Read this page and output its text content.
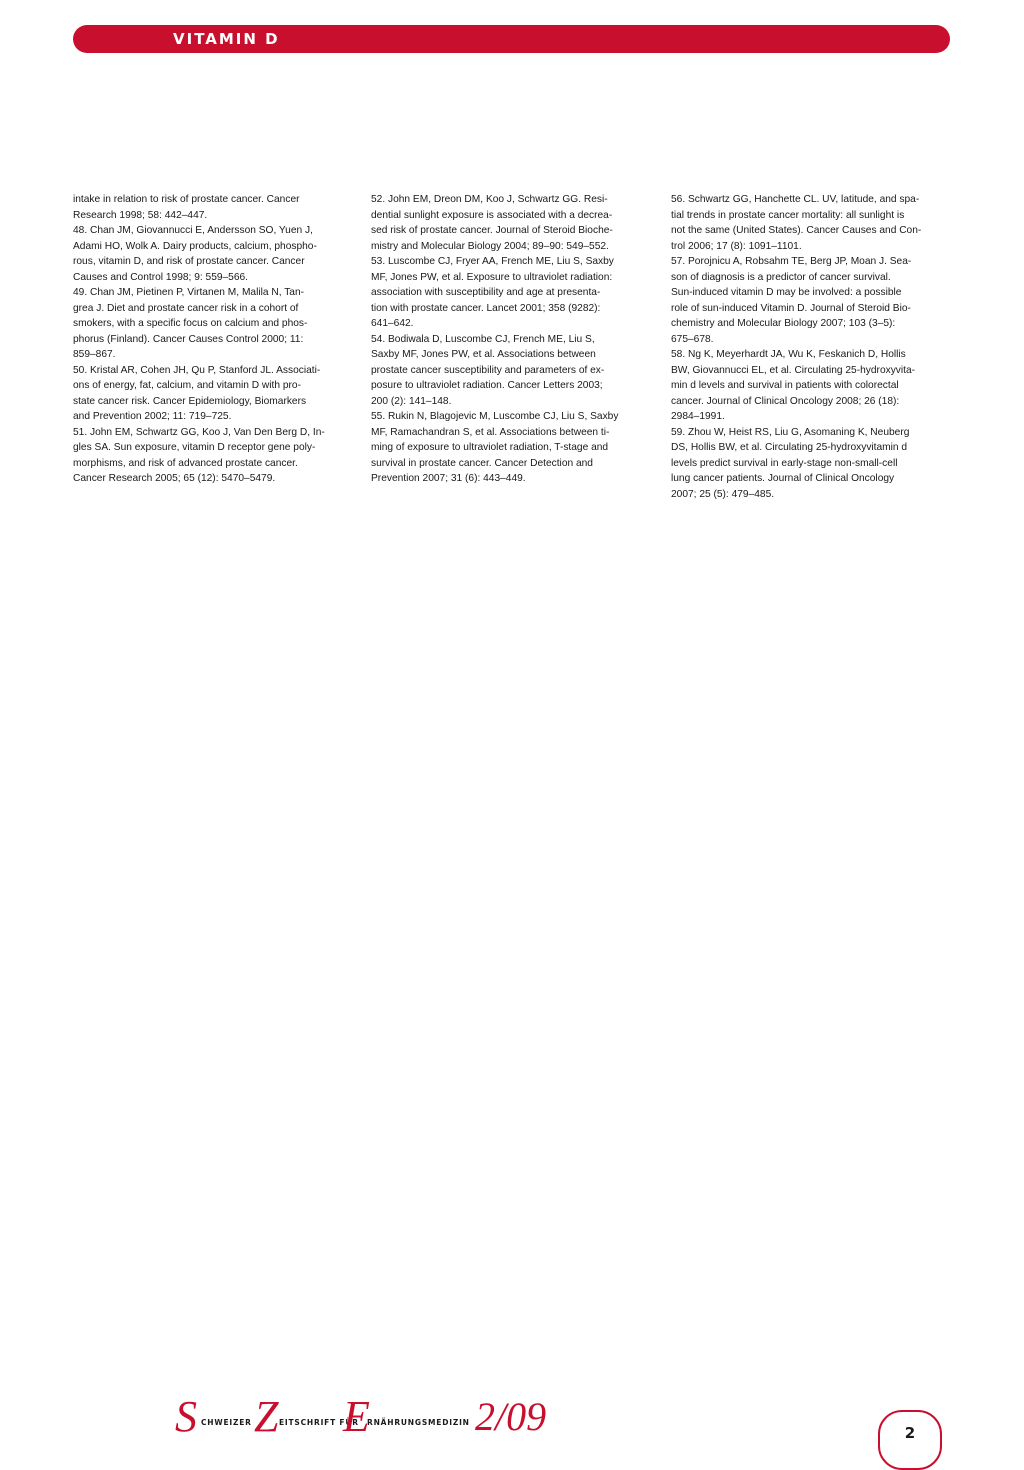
VITAMIN D
intake in relation to risk of prostate cancer. Cancer
Research 1998; 58: 442–447.
48. Chan JM, Giovannucci E, Andersson SO, Yuen J,
Adami HO, Wolk A. Dairy products, calcium, phospho-
rous, vitamin D, and risk of prostate cancer. Cancer
Causes and Control 1998; 9: 559–566.
49. Chan JM, Pietinen P, Virtanen M, Malila N, Tan-
grea J. Diet and prostate cancer risk in a cohort of
smokers, with a specific focus on calcium and phos-
phorus (Finland). Cancer Causes Control 2000; 11:
859–867.
50. Kristal AR, Cohen JH, Qu P, Stanford JL. Associati-
ons of energy, fat, calcium, and vitamin D with pro-
state cancer risk. Cancer Epidemiology, Biomarkers
and Prevention 2002; 11: 719–725.
51. John EM, Schwartz GG, Koo J, Van Den Berg D, In-
gles SA. Sun exposure, vitamin D receptor gene poly-
morphisms, and risk of advanced prostate cancer.
Cancer Research 2005; 65 (12): 5470–5479.
52. John EM, Dreon DM, Koo J, Schwartz GG. Resi-
dential sunlight exposure is associated with a decrea-
sed risk of prostate cancer. Journal of Steroid Bioche-
mistry and Molecular Biology 2004; 89–90: 549–552.
53. Luscombe CJ, Fryer AA, French ME, Liu S, Saxby
MF, Jones PW, et al. Exposure to ultraviolet radiation:
association with susceptibility and age at presenta-
tion with prostate cancer. Lancet 2001; 358 (9282):
641–642.
54. Bodiwala D, Luscombe CJ, French ME, Liu S,
Saxby MF, Jones PW, et al. Associations between
prostate cancer susceptibility and parameters of ex-
posure to ultraviolet radiation. Cancer Letters 2003;
200 (2): 141–148.
55. Rukin N, Blagojevic M, Luscombe CJ, Liu S, Saxby
MF, Ramachandran S, et al. Associations between ti-
ming of exposure to ultraviolet radiation, T-stage and
survival in prostate cancer. Cancer Detection and
Prevention 2007; 31 (6): 443–449.
56. Schwartz GG, Hanchette CL. UV, latitude, and spa-
tial trends in prostate cancer mortality: all sunlight is
not the same (United States). Cancer Causes and Con-
trol 2006; 17 (8): 1091–1101.
57. Porojnicu A, Robsahm TE, Berg JP, Moan J. Sea-
son of diagnosis is a predictor of cancer survival.
Sun-induced vitamin D may be involved: a possible
role of sun-induced Vitamin D. Journal of Steroid Bio-
chemistry and Molecular Biology 2007; 103 (3–5):
675–678.
58. Ng K, Meyerhardt JA, Wu K, Feskanich D, Hollis
BW, Giovannucci EL, et al. Circulating 25-hydroxyvita-
min d levels and survival in patients with colorectal
cancer. Journal of Clinical Oncology 2008; 26 (18):
2984–1991.
59. Zhou W, Heist RS, Liu G, Asomaning K, Neuberg
DS, Hollis BW, et al. Circulating 25-hydroxyvitamin d
levels predict survival in early-stage non-small-cell
lung cancer patients. Journal of Clinical Oncology
2007; 25 (5): 479–485.
S CHWEIZER Z EITSCHRIFT FÜR
E
RNÄHRUNGSMEDIZIN 2/09	2
